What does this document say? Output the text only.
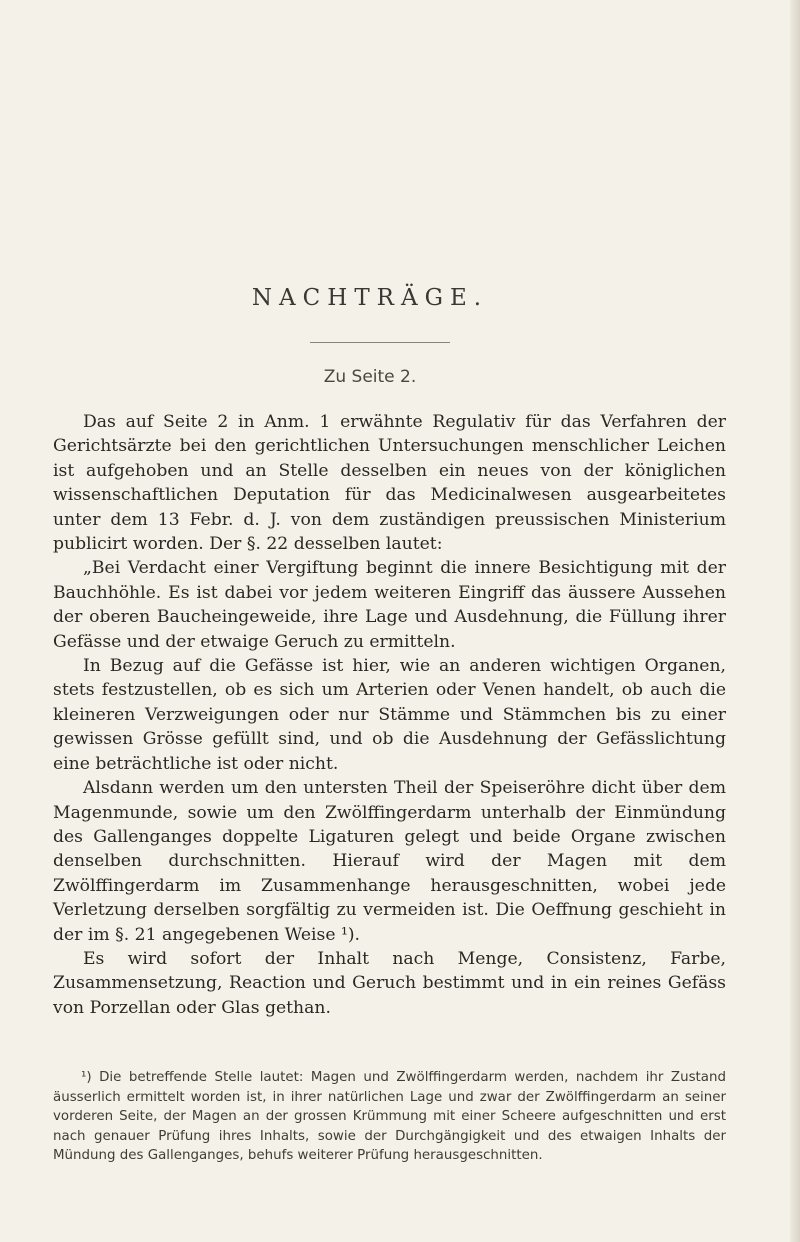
NACHTRÄGE.
Zu Seite 2.

Das auf Seite 2 in Anm. 1 erwähnte Regulativ für das Verfahren der Gerichtsärzte bei den gerichtlichen Untersuchungen menschlicher Leichen ist aufgehoben und an Stelle desselben ein neues von der königlichen wissenschaftlichen Deputation für das Medicinalwesen ausgearbeitetes unter dem 13 Febr. d. J. von dem zuständigen preussischen Ministerium publicirt worden. Der §. 22 desselben lautet:

„Bei Verdacht einer Vergiftung beginnt die innere Besichtigung mit der Bauchhöhle. Es ist dabei vor jedem weiteren Eingriff das äussere Aussehen der oberen Baucheingeweide, ihre Lage und Ausdehnung, die Füllung ihrer Gefässe und der etwaige Geruch zu ermitteln.

In Bezug auf die Gefässe ist hier, wie an anderen wichtigen Organen, stets festzustellen, ob es sich um Arterien oder Venen handelt, ob auch die kleineren Verzweigungen oder nur Stämme und Stämmchen bis zu einer gewissen Grösse gefüllt sind, und ob die Ausdehnung der Gefässlichtung eine beträchtliche ist oder nicht.

Alsdann werden um den untersten Theil der Speiseröhre dicht über dem Magenmunde, sowie um den Zwölffingerdarm unterhalb der Einmündung des Gallenganges doppelte Ligaturen gelegt und beide Organe zwischen denselben durchschnitten. Hierauf wird der Magen mit dem Zwölffingerdarm im Zusammenhange herausgeschnitten, wobei jede Verletzung derselben sorgfältig zu vermeiden ist. Die Oeffnung geschieht in der im §. 21 angegebenen Weise ¹).

Es wird sofort der Inhalt nach Menge, Consistenz, Farbe, Zusammensetzung, Reaction und Geruch bestimmt und in ein reines Gefäss von Porzellan oder Glas gethan.

¹) Die betreffende Stelle lautet: Magen und Zwölffingerdarm werden, nachdem ihr Zustand äusserlich ermittelt worden ist, in ihrer natürlichen Lage und zwar der Zwölffingerdarm an seiner vorderen Seite, der Magen an der grossen Krümmung mit einer Scheere aufgeschnitten und erst nach genauer Prüfung ihres Inhalts, sowie der Durchgängigkeit und des etwaigen Inhalts der Mündung des Gallenganges, behufs weiterer Prüfung herausgeschnitten.
